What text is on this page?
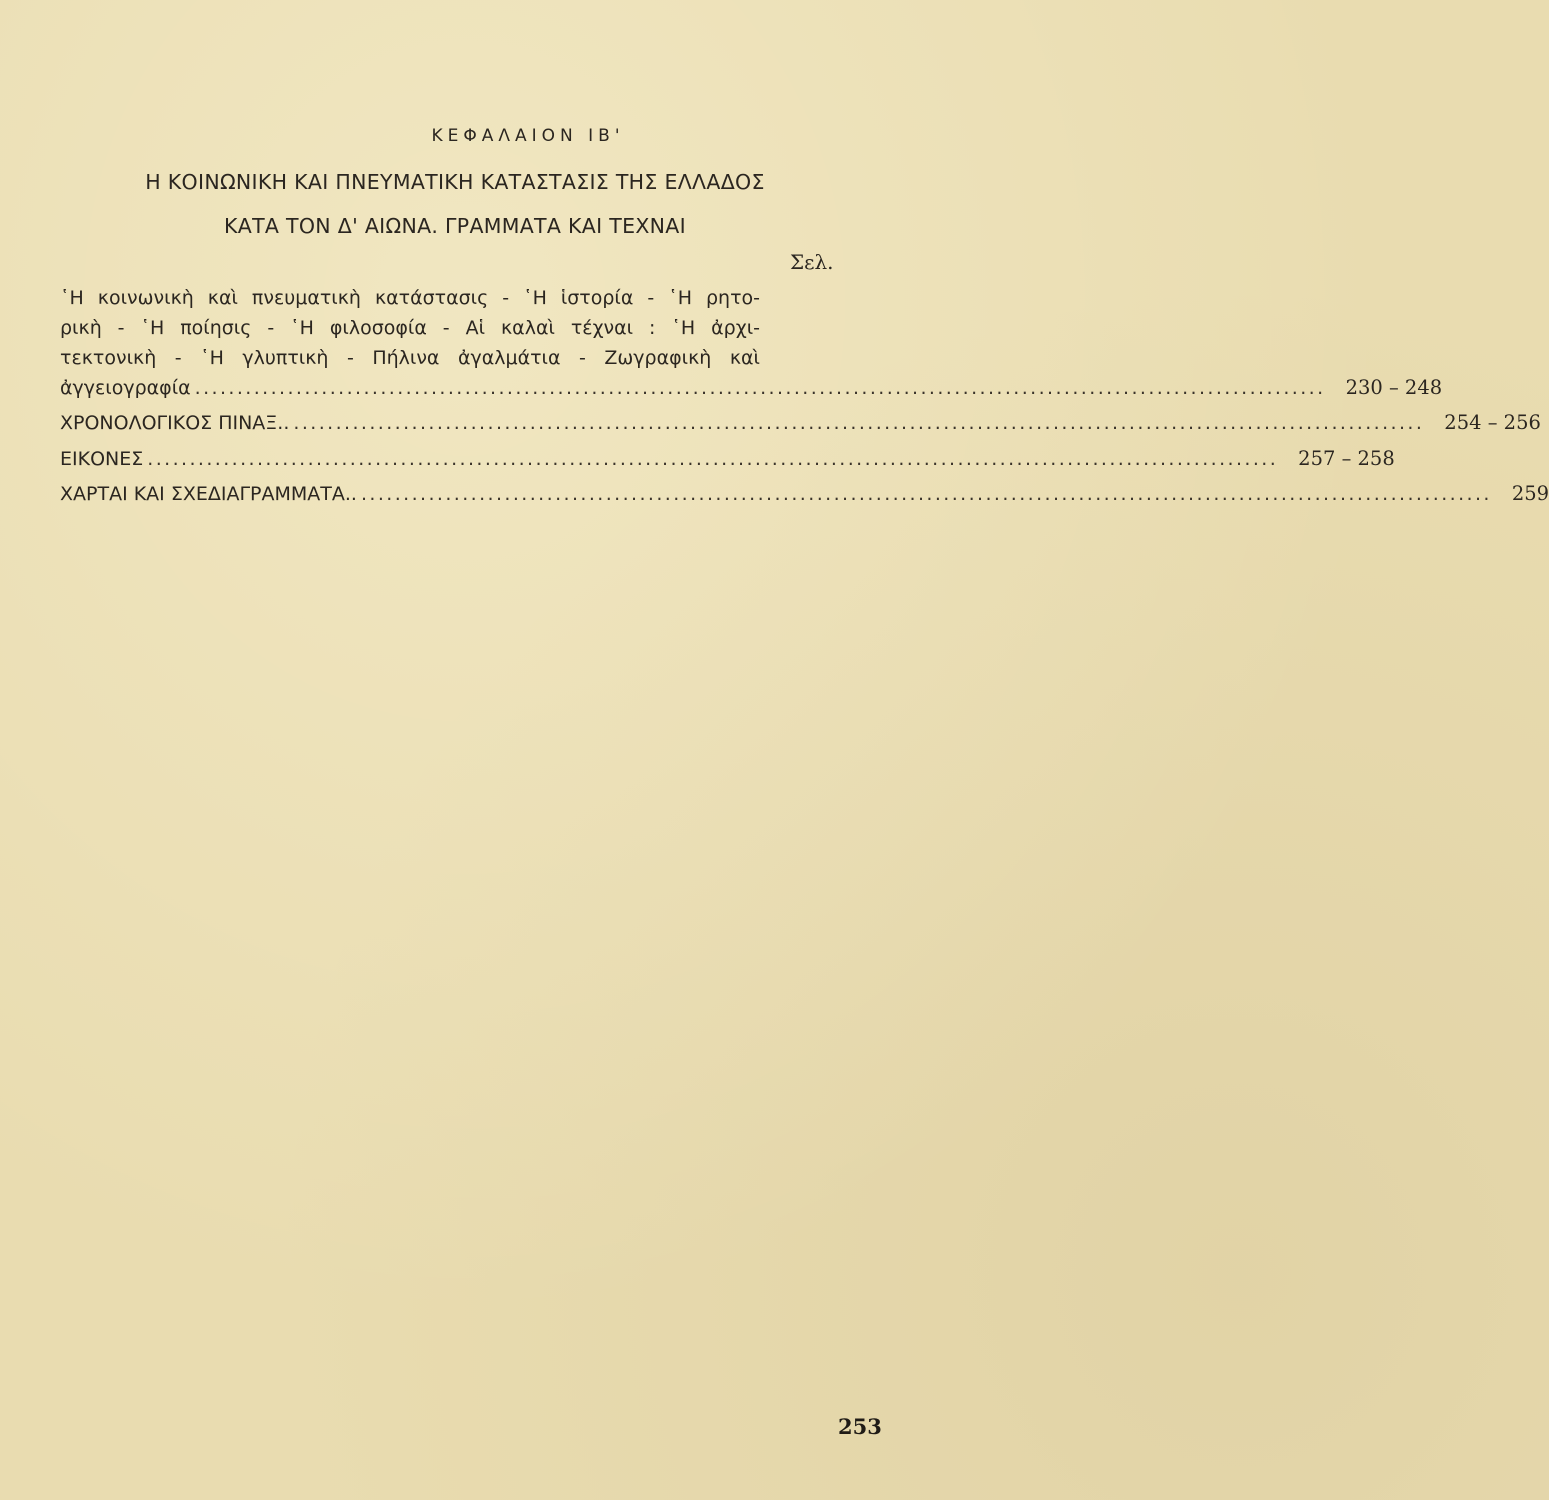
ΚΕΦΑΛΑΙΟΝ ΙΒ'
Η ΚΟΙΝΩΝΙΚΗ ΚΑΙ ΠΝΕΥΜΑΤΙΚΗ ΚΑΤΑΣΤΑΣΙΣ ΤΗΣ ΕΛΛΑΔΟΣ
ΚΑΤΑ ΤΟΝ Δ' ΑΙΩΝΑ. ΓΡΑΜΜΑΤΑ ΚΑΙ ΤΕΧΝΑΙ
Σελ.
῾Η κοινωνικὴ καὶ πνευματικὴ κατάστασις - ῾Η ἱστορία - ῾Η ρητο-
ρικὴ - ῾Η ποίησις - ῾Η φιλοσοφία - Αἱ καλαὶ τέχναι : ῾Η ἀρχι-
τεκτονικὴ - ῾Η γλυπτικὴ - Πήλινα ἀγαλμάτια - Ζωγραφικὴ καὶ
ἀγγειογραφία ...................................................................................................................................... 230 – 248
ΧΡΟΝΟΛΟΓΙΚΟΣ ΠΙΝΑΞ.. ...................................................................................................................................... 254 – 256
ΕΙΚΟΝΕΣ ...................................................................................................................................... 257 – 258
ΧΑΡΤΑΙ ΚΑΙ ΣΧΕΔΙΑΓΡΑΜΜΑΤΑ.. ...................................................................................................................................... 259
253
